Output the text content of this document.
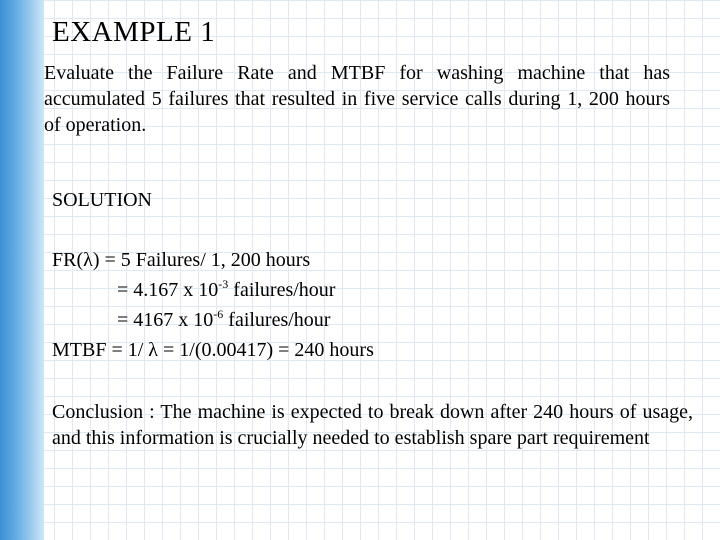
EXAMPLE 1

Evaluate the Failure Rate and MTBF for washing machine that has accumulated 5 failures that resulted in five service calls during 1, 200 hours of operation.

SOLUTION

FR(λ) = 5 Failures/ 1, 200 hours

= 4.167 x $10^{-3}$ failures/hour

= 4167 x $10^{-6}$ failures/hour

MTBF = 1/ λ = 1/(0.00417) = 240 hours

Conclusion : The machine is expected to break down after 240 hours of usage, and this information is crucially needed to establish spare part requirement
